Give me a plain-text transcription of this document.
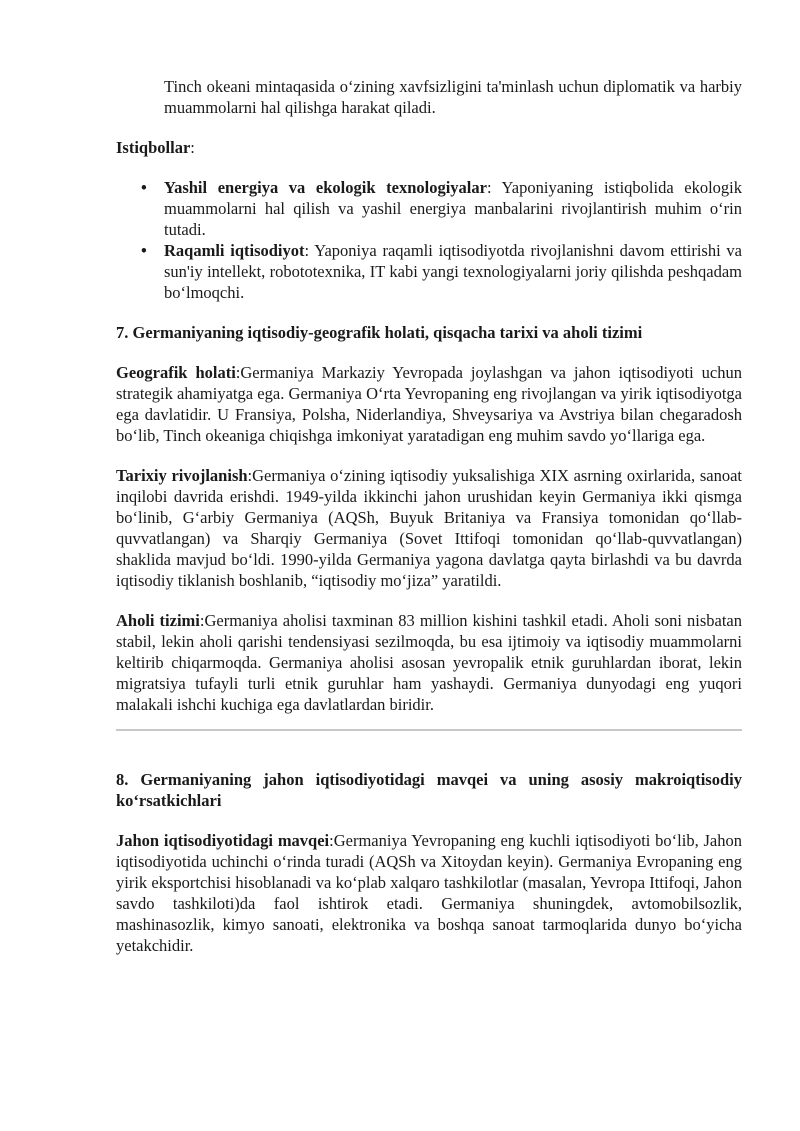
Tinch okeani mintaqasida o‘zining xavfsizligini ta'minlash uchun diplomatik va harbiy muammolarni hal qilishga harakat qiladi.

Istiqbollar:

• Yashil energiya va ekologik texnologiyalar: Yaponiyaning istiqbolida ekologik muammolarni hal qilish va yashil energiya manbalarini rivojlantirish muhim o‘rin tutadi.
• Raqamli iqtisodiyot: Yaponiya raqamli iqtisodiyotda rivojlanishni davom ettirishi va sun'iy intellekt, robototexnika, IT kabi yangi texnologiyalarni joriy qilishda peshqadam bo‘lmoqchi.
7. Germaniyaning iqtisodiy-geografik holati, qisqacha tarixi va aholi tizimi

Geografik holati:Germaniya Markaziy Yevropada joylashgan va jahon iqtisodiyoti uchun strategik ahamiyatga ega. Germaniya O‘rta Yevropaning eng rivojlangan va yirik iqtisodiyotga ega davlatidir. U Fransiya, Polsha, Niderlandiya, Shveysariya va Avstriya bilan chegaradosh bo‘lib, Tinch okeaniga chiqishga imkoniyat yaratadigan eng muhim savdo yo‘llariga ega.

Tarixiy rivojlanish:Germaniya o‘zining iqtisodiy yuksalishiga XIX asrning oxirlarida, sanoat inqilobi davrida erishdi. 1949-yilda ikkinchi jahon urushidan keyin Germaniya ikki qismga bo‘linib, G‘arbiy Germaniya (AQSh, Buyuk Britaniya va Fransiya tomonidan qo‘llab-quvvatlangan) va Sharqiy Germaniya (Sovet Ittifoqi tomonidan qo‘llab-quvvatlangan) shaklida mavjud bo‘ldi. 1990-yilda Germaniya yagona davlatga qayta birlashdi va bu davrda iqtisodiy tiklanish boshlanib, “iqtisodiy mo‘jiza” yaratildi.

Aholi tizimi:Germaniya aholisi taxminan 83 million kishini tashkil etadi. Aholi soni nisbatan stabil, lekin aholi qarishi tendensiyasi sezilmoqda, bu esa ijtimoiy va iqtisodiy muammolarni keltirib chiqarmoqda. Germaniya aholisi asosan yevropalik etnik guruhlardan iborat, lekin migratsiya tufayli turli etnik guruhlar ham yashaydi. Germaniya dunyodagi eng yuqori malakali ishchi kuchiga ega davlatlardan biridir.

8. Germaniyaning jahon iqtisodiyotidagi mavqei va uning asosiy makroiqtisodiy ko‘rsatkichlari

Jahon iqtisodiyotidagi mavqei:Germaniya Yevropaning eng kuchli iqtisodiyoti bo‘lib, Jahon iqtisodiyotida uchinchi o‘rinda turadi (AQSh va Xitoydan keyin). Germaniya Evropaning eng yirik eksportchisi hisoblanadi va ko‘plab xalqaro tashkilotlar (masalan, Yevropa Ittifoqi, Jahon savdo tashkiloti)da faol ishtirok etadi. Germaniya shuningdek, avtomobilsozlik, mashinasozlik, kimyo sanoati, elektronika va boshqa sanoat tarmoqlarida dunyo bo‘yicha yetakchidir.
